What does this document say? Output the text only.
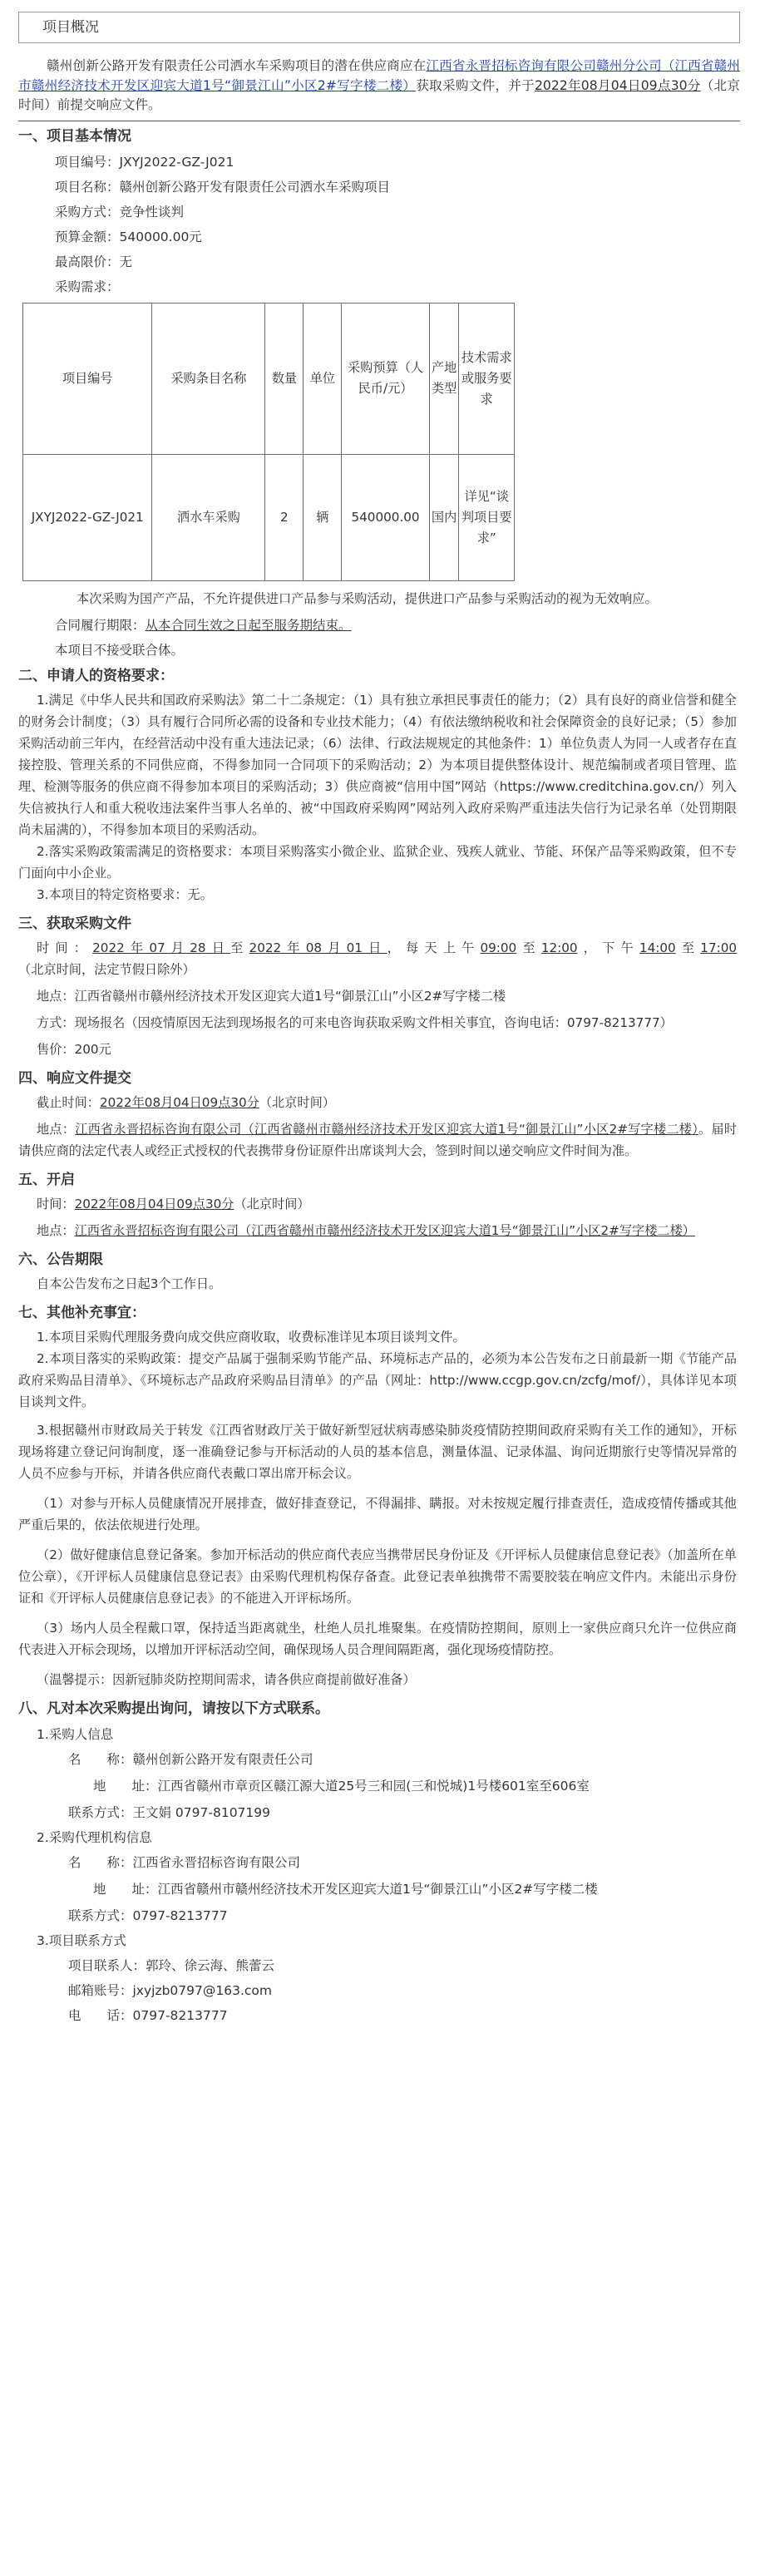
项目概况
赣州创新公路开发有限责任公司洒水车采购项目的潜在供应商应在江西省永晋招标咨询有限公司赣州分公司（江西省赣州市赣州经济技术开发区迎宾大道1号“御景江山”小区2#写字楼二楼）获取采购文件，并于2022年08月04日09点30分（北京时间）前提交响应文件。
一、项目基本情况
项目编号：JXYJ2022-GZ-J021
项目名称：赣州创新公路开发有限责任公司洒水车采购项目
采购方式：竞争性谈判
预算金额：540000.00元
最高限价：无
采购需求：
项目编号	采购条目名称	数量	单位	采购预算（人民币/元）	产地类型	技术需求或服务要求
JXYJ2022-GZ-J021	洒水车采购	2	辆	540000.00	国内	详见“谈判项目要求”
本次采购为国产产品，不允许提供进口产品参与采购活动，提供进口产品参与采购活动的视为无效响应。
合同履行期限：从本合同生效之日起至服务期结束。
本项目不接受联合体。
二、申请人的资格要求：
1.满足《中华人民共和国政府采购法》第二十二条规定：（1）具有独立承担民事责任的能力；（2）具有良好的商业信誉和健全的财务会计制度；（3）具有履行合同所必需的设备和专业技术能力；（4）有依法缴纳税收和社会保障资金的良好记录；（5）参加采购活动前三年内，在经营活动中没有重大违法记录；（6）法律、行政法规规定的其他条件：1）单位负责人为同一人或者存在直接控股、管理关系的不同供应商，不得参加同一合同项下的采购活动；2）为本项目提供整体设计、规范编制或者项目管理、监理、检测等服务的供应商不得参加本项目的采购活动；3）供应商被“信用中国”网站（https://www.creditchina.gov.cn/）列入失信被执行人和重大税收违法案件当事人名单的、被“中国政府采购网”网站列入政府采购严重违法失信行为记录名单（处罚期限尚未届满的），不得参加本项目的采购活动。
2.落实采购政策需满足的资格要求：本项目采购落实小微企业、监狱企业、残疾人就业、节能、环保产品等采购政策，但不专门面向中小企业。
3.本项目的特定资格要求：无。
三、获取采购文件
时间：2022年07月28日至2022年08月01日，每天上午09:00至12:00，下午14:00至17:00（北京时间，法定节假日除外）
地点：江西省赣州市赣州经济技术开发区迎宾大道1号“御景江山”小区2#写字楼二楼
方式：现场报名（因疫情原因无法到现场报名的可来电咨询获取采购文件相关事宜，咨询电话：0797-8213777）
售价：200元
四、响应文件提交
截止时间：2022年08月04日09点30分（北京时间）
地点：江西省永晋招标咨询有限公司（江西省赣州市赣州经济技术开发区迎宾大道1号“御景江山”小区2#写字楼二楼）。届时请供应商的法定代表人或经正式授权的代表携带身份证原件出席谈判大会，签到时间以递交响应文件时间为准。
五、开启
时间：2022年08月04日09点30分（北京时间）
地点：江西省永晋招标咨询有限公司（江西省赣州市赣州经济技术开发区迎宾大道1号“御景江山”小区2#写字楼二楼）
六、公告期限
自本公告发布之日起3个工作日。
七、其他补充事宜：
1.本项目采购代理服务费向成交供应商收取，收费标准详见本项目谈判文件。
2.本项目落实的采购政策：提交产品属于强制采购节能产品、环境标志产品的，必须为本公告发布之日前最新一期《节能产品政府采购品目清单》、《环境标志产品政府采购品目清单》的产品（网址：http://www.ccgp.gov.cn/zcfg/mof/），具体详见本项目谈判文件。
3.根据赣州市财政局关于转发《江西省财政厅关于做好新型冠状病毒感染肺炎疫情防控期间政府采购有关工作的通知》，开标现场将建立登记问询制度，逐一准确登记参与开标活动的人员的基本信息，测量体温、记录体温、询问近期旅行史等情况异常的人员不应参与开标，并请各供应商代表戴口罩出席开标会议。
（1）对参与开标人员健康情况开展排查，做好排查登记，不得漏排、瞒报。对未按规定履行排查责任，造成疫情传播或其他严重后果的，依法依规进行处理。
（2）做好健康信息登记备案。参加开标活动的供应商代表应当携带居民身份证及《开评标人员健康信息登记表》（加盖所在单位公章），《开评标人员健康信息登记表》由采购代理机构保存备查。此登记表单独携带不需要胶装在响应文件内。未能出示身份证和《开评标人员健康信息登记表》的不能进入开评标场所。
（3）场内人员全程戴口罩，保持适当距离就坐，杜绝人员扎堆聚集。在疫情防控期间，原则上一家供应商只允许一位供应商代表进入开标会现场，以增加开评标活动空间，确保现场人员合理间隔距离，强化现场疫情防控。
（温馨提示：因新冠肺炎防控期间需求，请各供应商提前做好准备）
八、凡对本次采购提出询问，请按以下方式联系。
1.采购人信息
名　　称：赣州创新公路开发有限责任公司
地　　址：江西省赣州市章贡区赣江源大道25号三和园(三和悦城)1号楼601室至606室
联系方式：王文娟 0797-8107199
2.采购代理机构信息
名　　称：江西省永晋招标咨询有限公司
地　　址：江西省赣州市赣州经济技术开发区迎宾大道1号“御景江山”小区2#写字楼二楼
联系方式：0797-8213777
3.项目联系方式
项目联系人：郭玲、徐云海、熊蕾云
邮箱账号：jxyjzb0797@163.com
电　　话：0797-8213777
